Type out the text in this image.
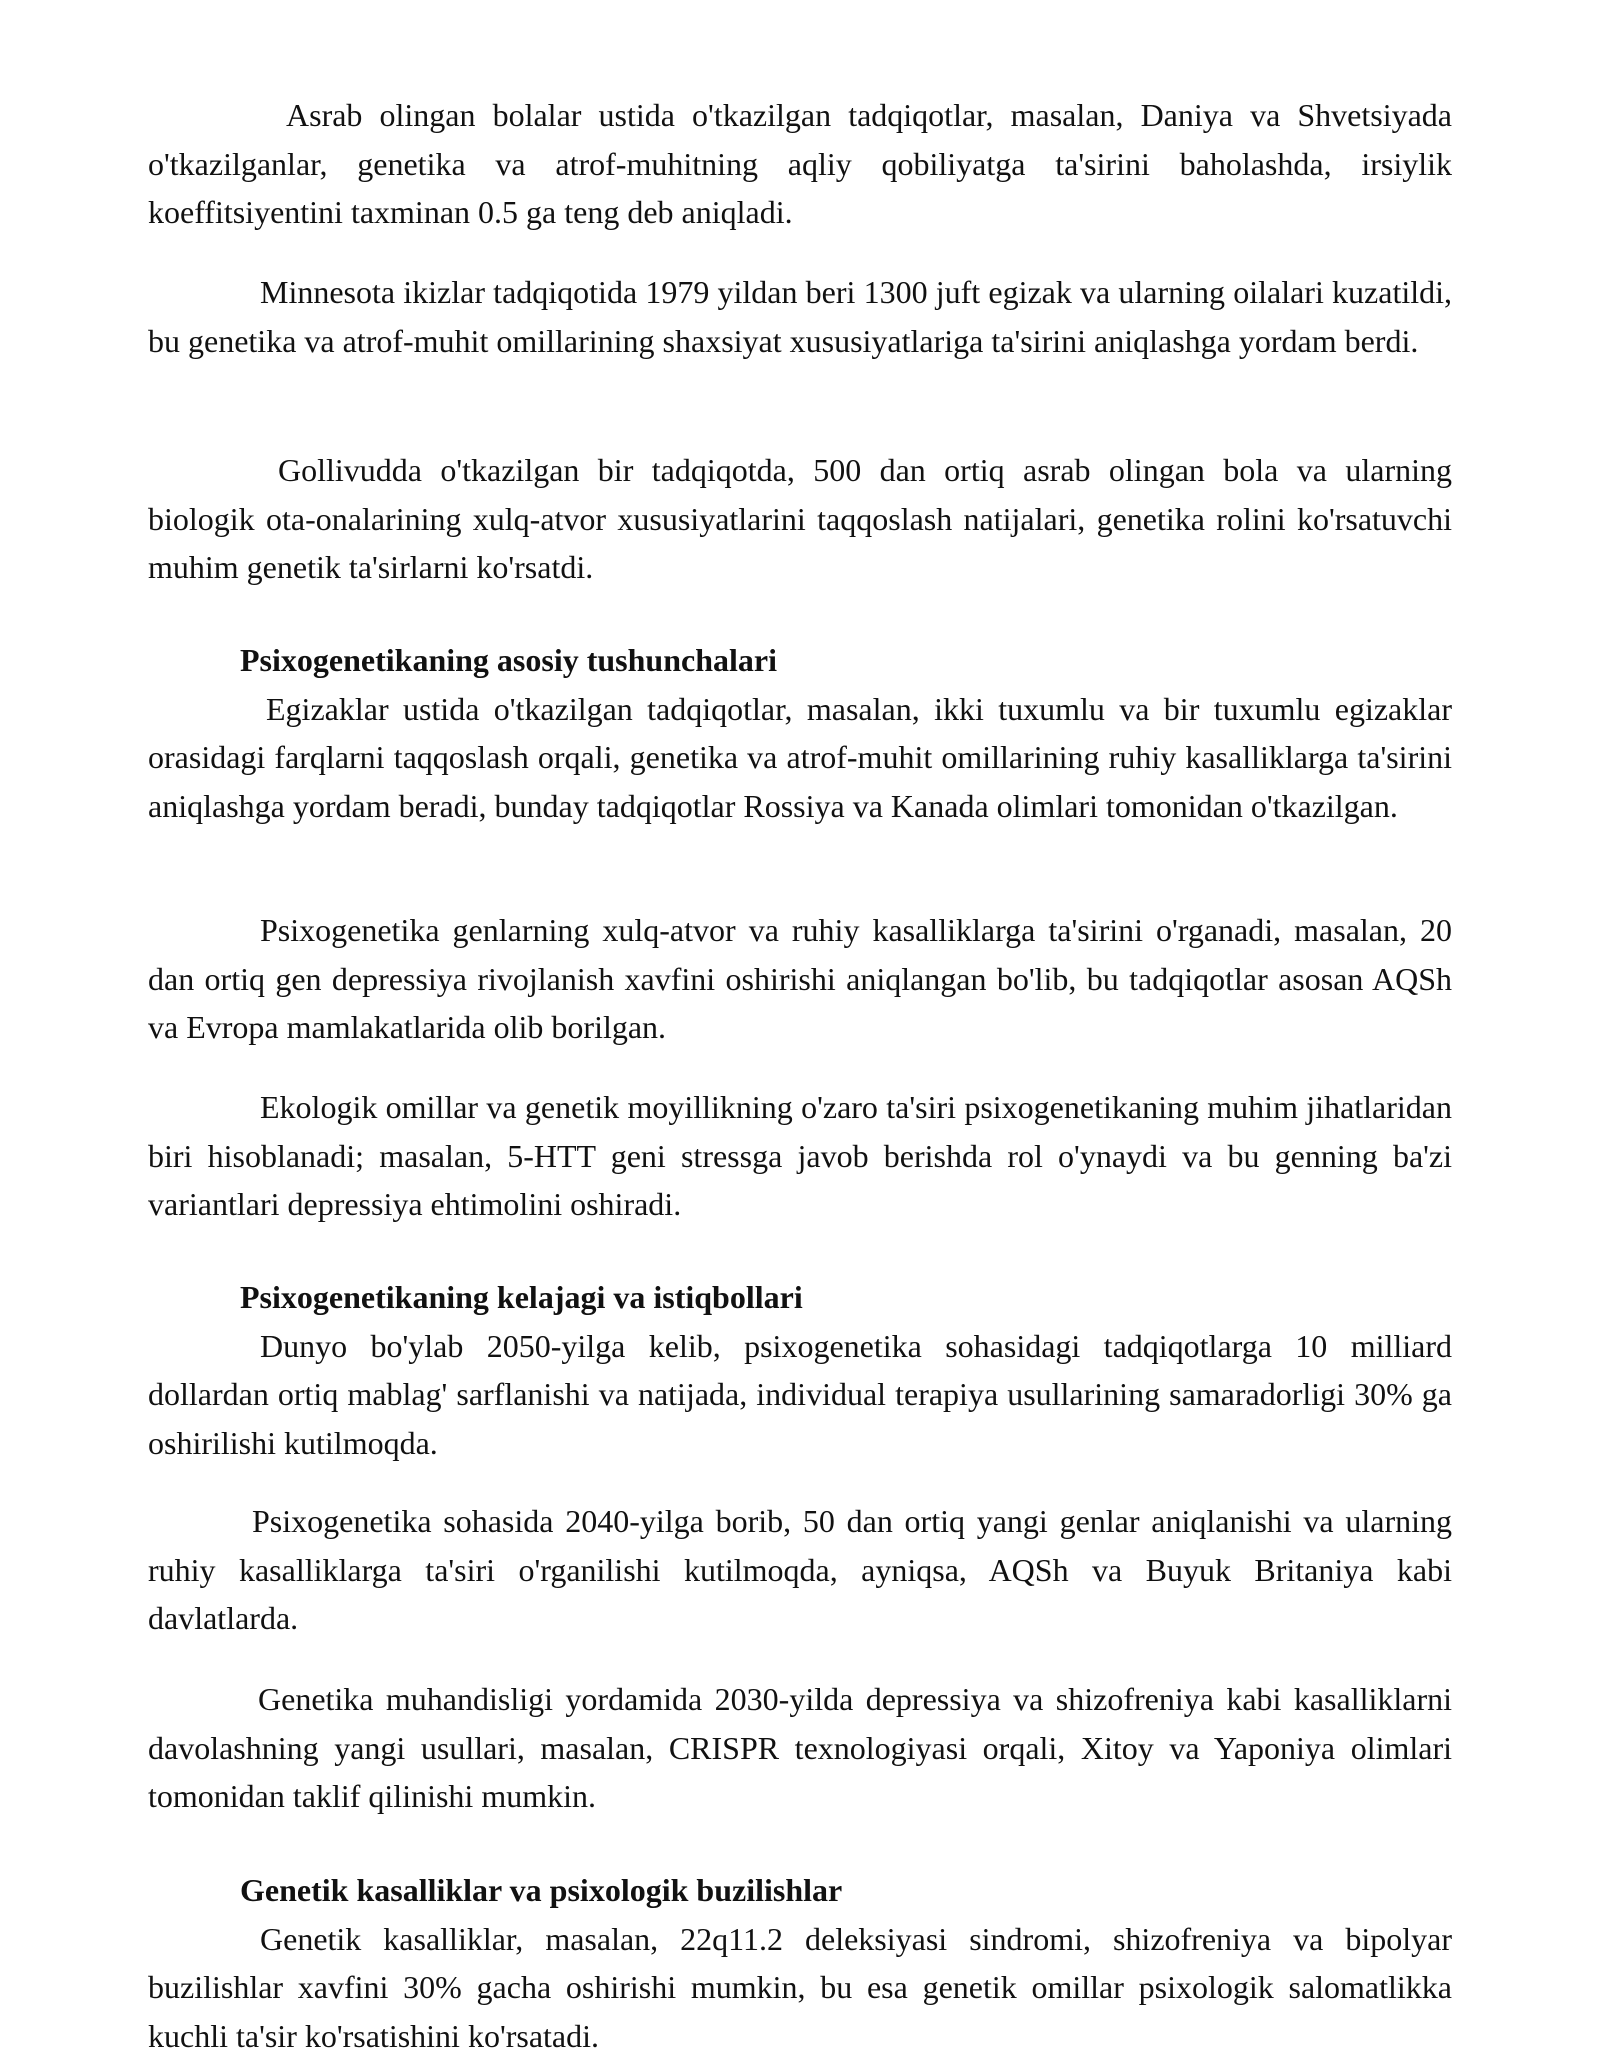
Asrab olingan bolalar ustida o'tkazilgan tadqiqotlar, masalan, Daniya va Shvetsiyada o'tkazilganlar, genetika va atrof-muhitning aqliy qobiliyatga ta'sirini baholashda, irsiylik koeffitsiyentini taxminan 0.5 ga teng deb aniqladi.

Minnesota ikizlar tadqiqotida 1979 yildan beri 1300 juft egizak va ularning oilalari kuzatildi, bu genetika va atrof-muhit omillarining shaxsiyat xususiyatlariga ta'sirini aniqlashga yordam berdi.

Gollivudda o'tkazilgan bir tadqiqotda, 500 dan ortiq asrab olingan bola va ularning biologik ota-onalarining xulq-atvor xususiyatlarini taqqoslash natijalari, genetika rolini ko'rsatuvchi muhim genetik ta'sirlarni ko'rsatdi.

Psixogenetikaning asosiy tushunchalari

Egizaklar ustida o'tkazilgan tadqiqotlar, masalan, ikki tuxumlu va bir tuxumlu egizaklar orasidagi farqlarni taqqoslash orqali, genetika va atrof-muhit omillarining ruhiy kasalliklarga ta'sirini aniqlashga yordam beradi, bunday tadqiqotlar Rossiya va Kanada olimlari tomonidan o'tkazilgan.

Psixogenetika genlarning xulq-atvor va ruhiy kasalliklarga ta'sirini o'rganadi, masalan, 20 dan ortiq gen depressiya rivojlanish xavfini oshirishi aniqlangan bo'lib, bu tadqiqotlar asosan AQSh va Evropa mamlakatlarida olib borilgan.

Ekologik omillar va genetik moyillikning o'zaro ta'siri psixogenetikaning muhim jihatlaridan biri hisoblanadi; masalan, 5-HTT geni stressga javob berishda rol o'ynaydi va bu genning ba'zi variantlari depressiya ehtimolini oshiradi.

Psixogenetikaning kelajagi va istiqbollari

Dunyo bo'ylab 2050-yilga kelib, psixogenetika sohasidagi tadqiqotlarga 10 milliard dollardan ortiq mablag' sarflanishi va natijada, individual terapiya usullarining samaradorligi 30% ga oshirilishi kutilmoqda.

Psixogenetika sohasida 2040-yilga borib, 50 dan ortiq yangi genlar aniqlanishi va ularning ruhiy kasalliklarga ta'siri o'rganilishi kutilmoqda, ayniqsa, AQSh va Buyuk Britaniya kabi davlatlarda.

Genetika muhandisligi yordamida 2030-yilda depressiya va shizofreniya kabi kasalliklarni davolashning yangi usullari, masalan, CRISPR texnologiyasi orqali, Xitoy va Yaponiya olimlari tomonidan taklif qilinishi mumkin.

Genetik kasalliklar va psixologik buzilishlar

Genetik kasalliklar, masalan, 22q11.2 deleksiyasi sindromi, shizofreniya va bipolyar buzilishlar xavfini 30% gacha oshirishi mumkin, bu esa genetik omillar psixologik salomatlikka kuchli ta'sir ko'rsatishini ko'rsatadi.
